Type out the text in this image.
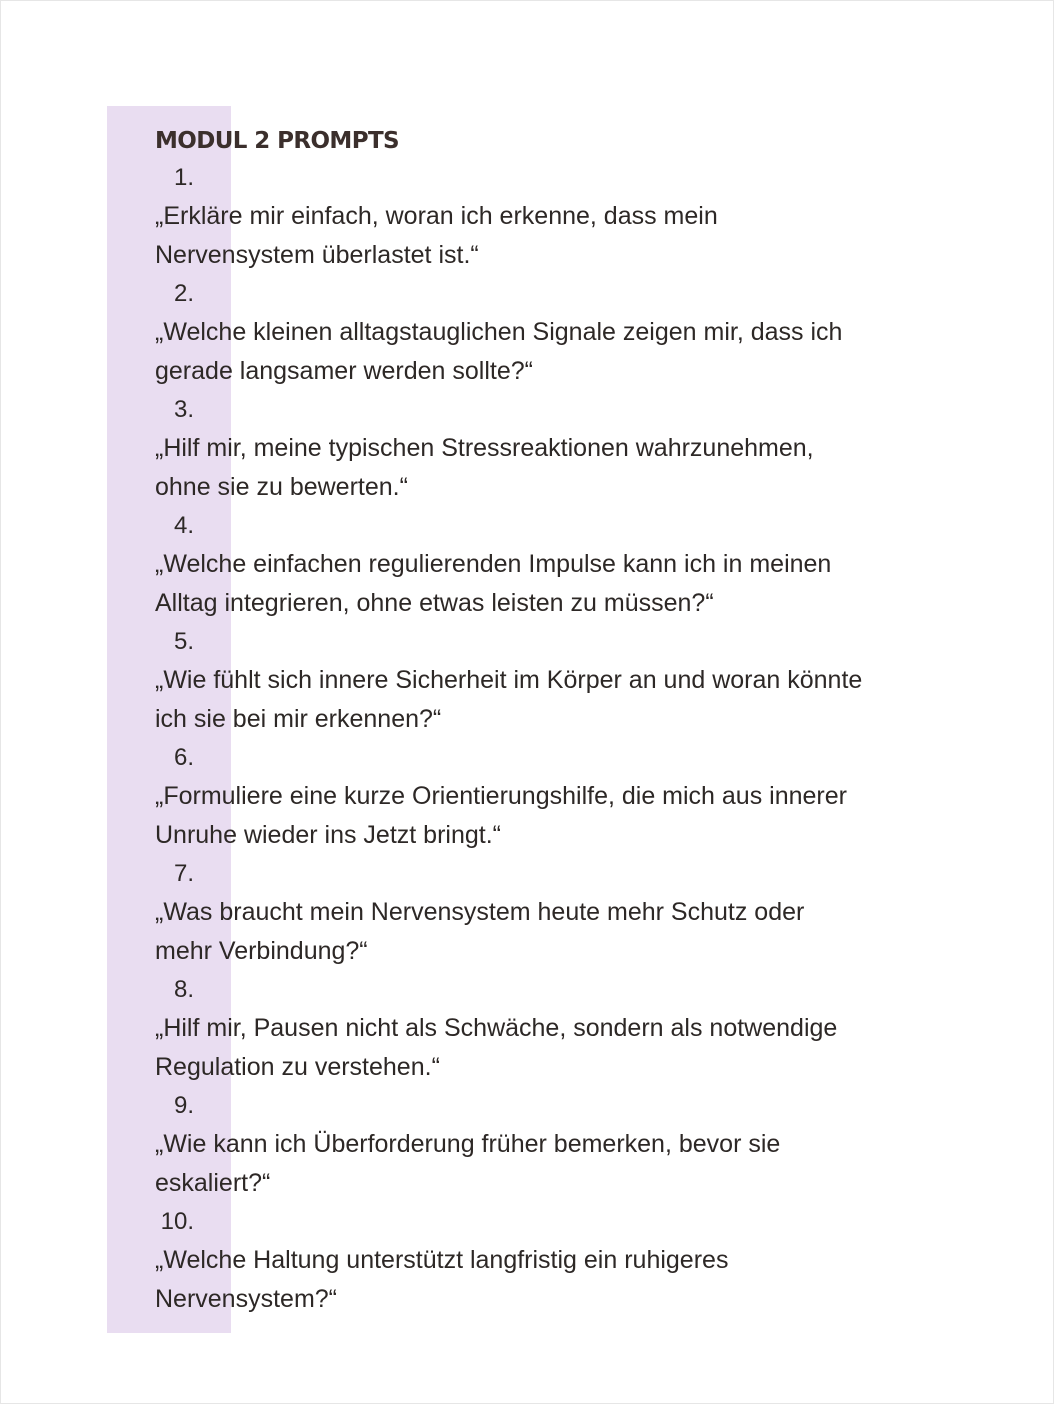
MODUL 2 PROMPTS
1.
„Erkläre mir einfach, woran ich erkenne, dass mein
Nervensystem überlastet ist.“
2.
„Welche kleinen alltagstauglichen Signale zeigen mir, dass ich
gerade langsamer werden sollte?“
3.
„Hilf mir, meine typischen Stressreaktionen wahrzunehmen,
ohne sie zu bewerten.“
4.
„Welche einfachen regulierenden Impulse kann ich in meinen
Alltag integrieren, ohne etwas leisten zu müssen?“
5.
„Wie fühlt sich innere Sicherheit im Körper an und woran könnte
ich sie bei mir erkennen?“
6.
„Formuliere eine kurze Orientierungshilfe, die mich aus innerer
Unruhe wieder ins Jetzt bringt.“
7.
„Was braucht mein Nervensystem heute mehr Schutz oder
mehr Verbindung?“
8.
„Hilf mir, Pausen nicht als Schwäche, sondern als notwendige
Regulation zu verstehen.“
9.
„Wie kann ich Überforderung früher bemerken, bevor sie
eskaliert?“
10.
„Welche Haltung unterstützt langfristig ein ruhigeres
Nervensystem?“
